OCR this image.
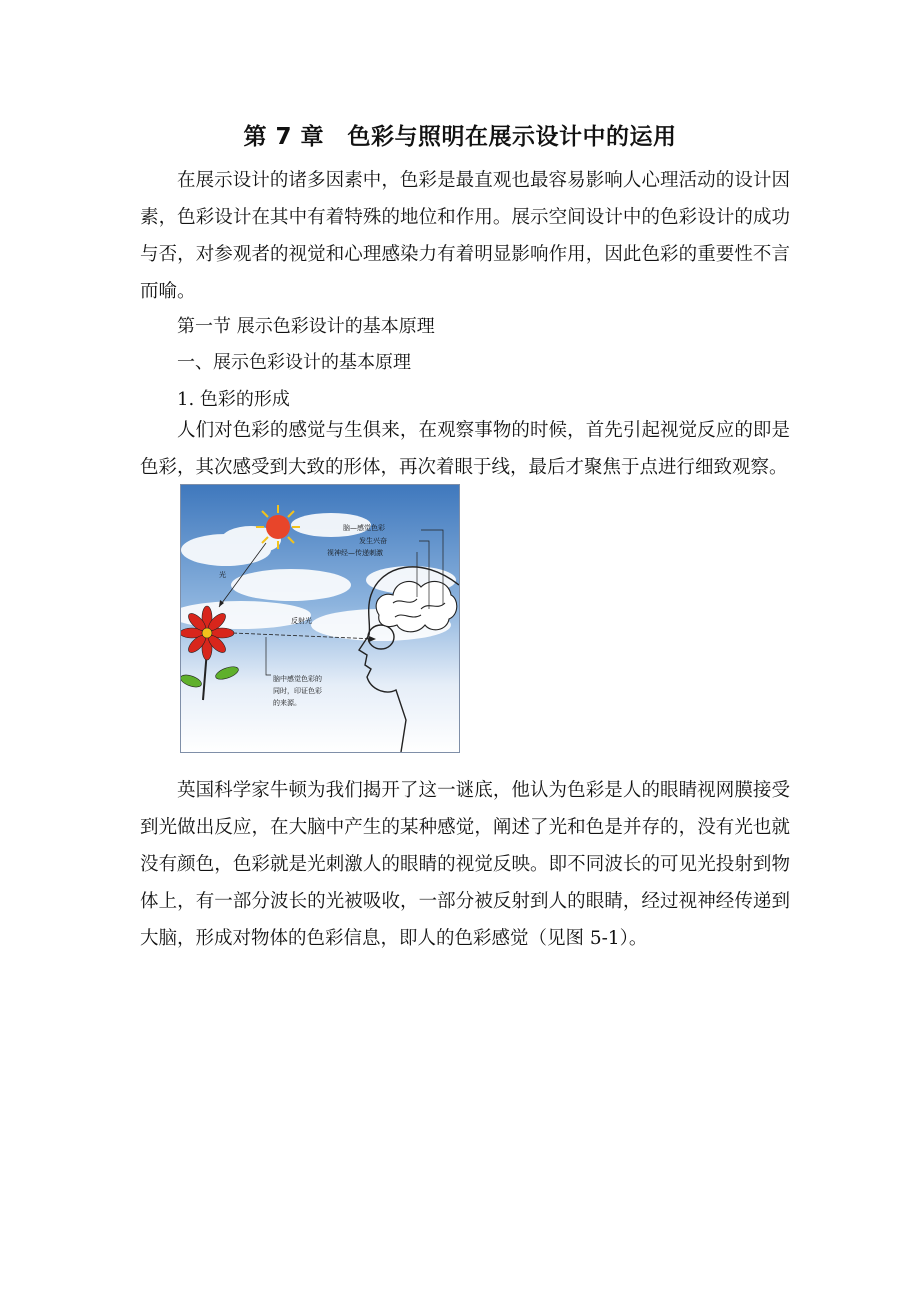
第 7 章　色彩与照明在展示设计中的运用

在展示设计的诸多因素中，色彩是最直观也最容易影响人心理活动的设计因素，色彩设计在其中有着特殊的地位和作用。展示空间设计中的色彩设计的成功与否，对参观者的视觉和心理感染力有着明显影响作用，因此色彩的重要性不言而喻。

第一节 展示色彩设计的基本原理

一、展示色彩设计的基本原理

1. 色彩的形成

人们对色彩的感觉与生俱来，在观察事物的时候，首先引起视觉反应的即是色彩，其次感受到大致的形体，再次着眼于线，最后才聚焦于点进行细致观察。

光
反射光
脑中感觉色彩的
同时，印证色彩
的来源。
脑—感觉色彩
发生兴奋
视神经—传递刺激

英国科学家牛顿为我们揭开了这一谜底，他认为色彩是人的眼睛视网膜接受到光做出反应，在大脑中产生的某种感觉，阐述了光和色是并存的，没有光也就没有颜色，色彩就是光刺激人的眼睛的视觉反映。即不同波长的可见光投射到物体上，有一部分波长的光被吸收，一部分被反射到人的眼睛，经过视神经传递到大脑，形成对物体的色彩信息，即人的色彩感觉（见图 5-1）。
